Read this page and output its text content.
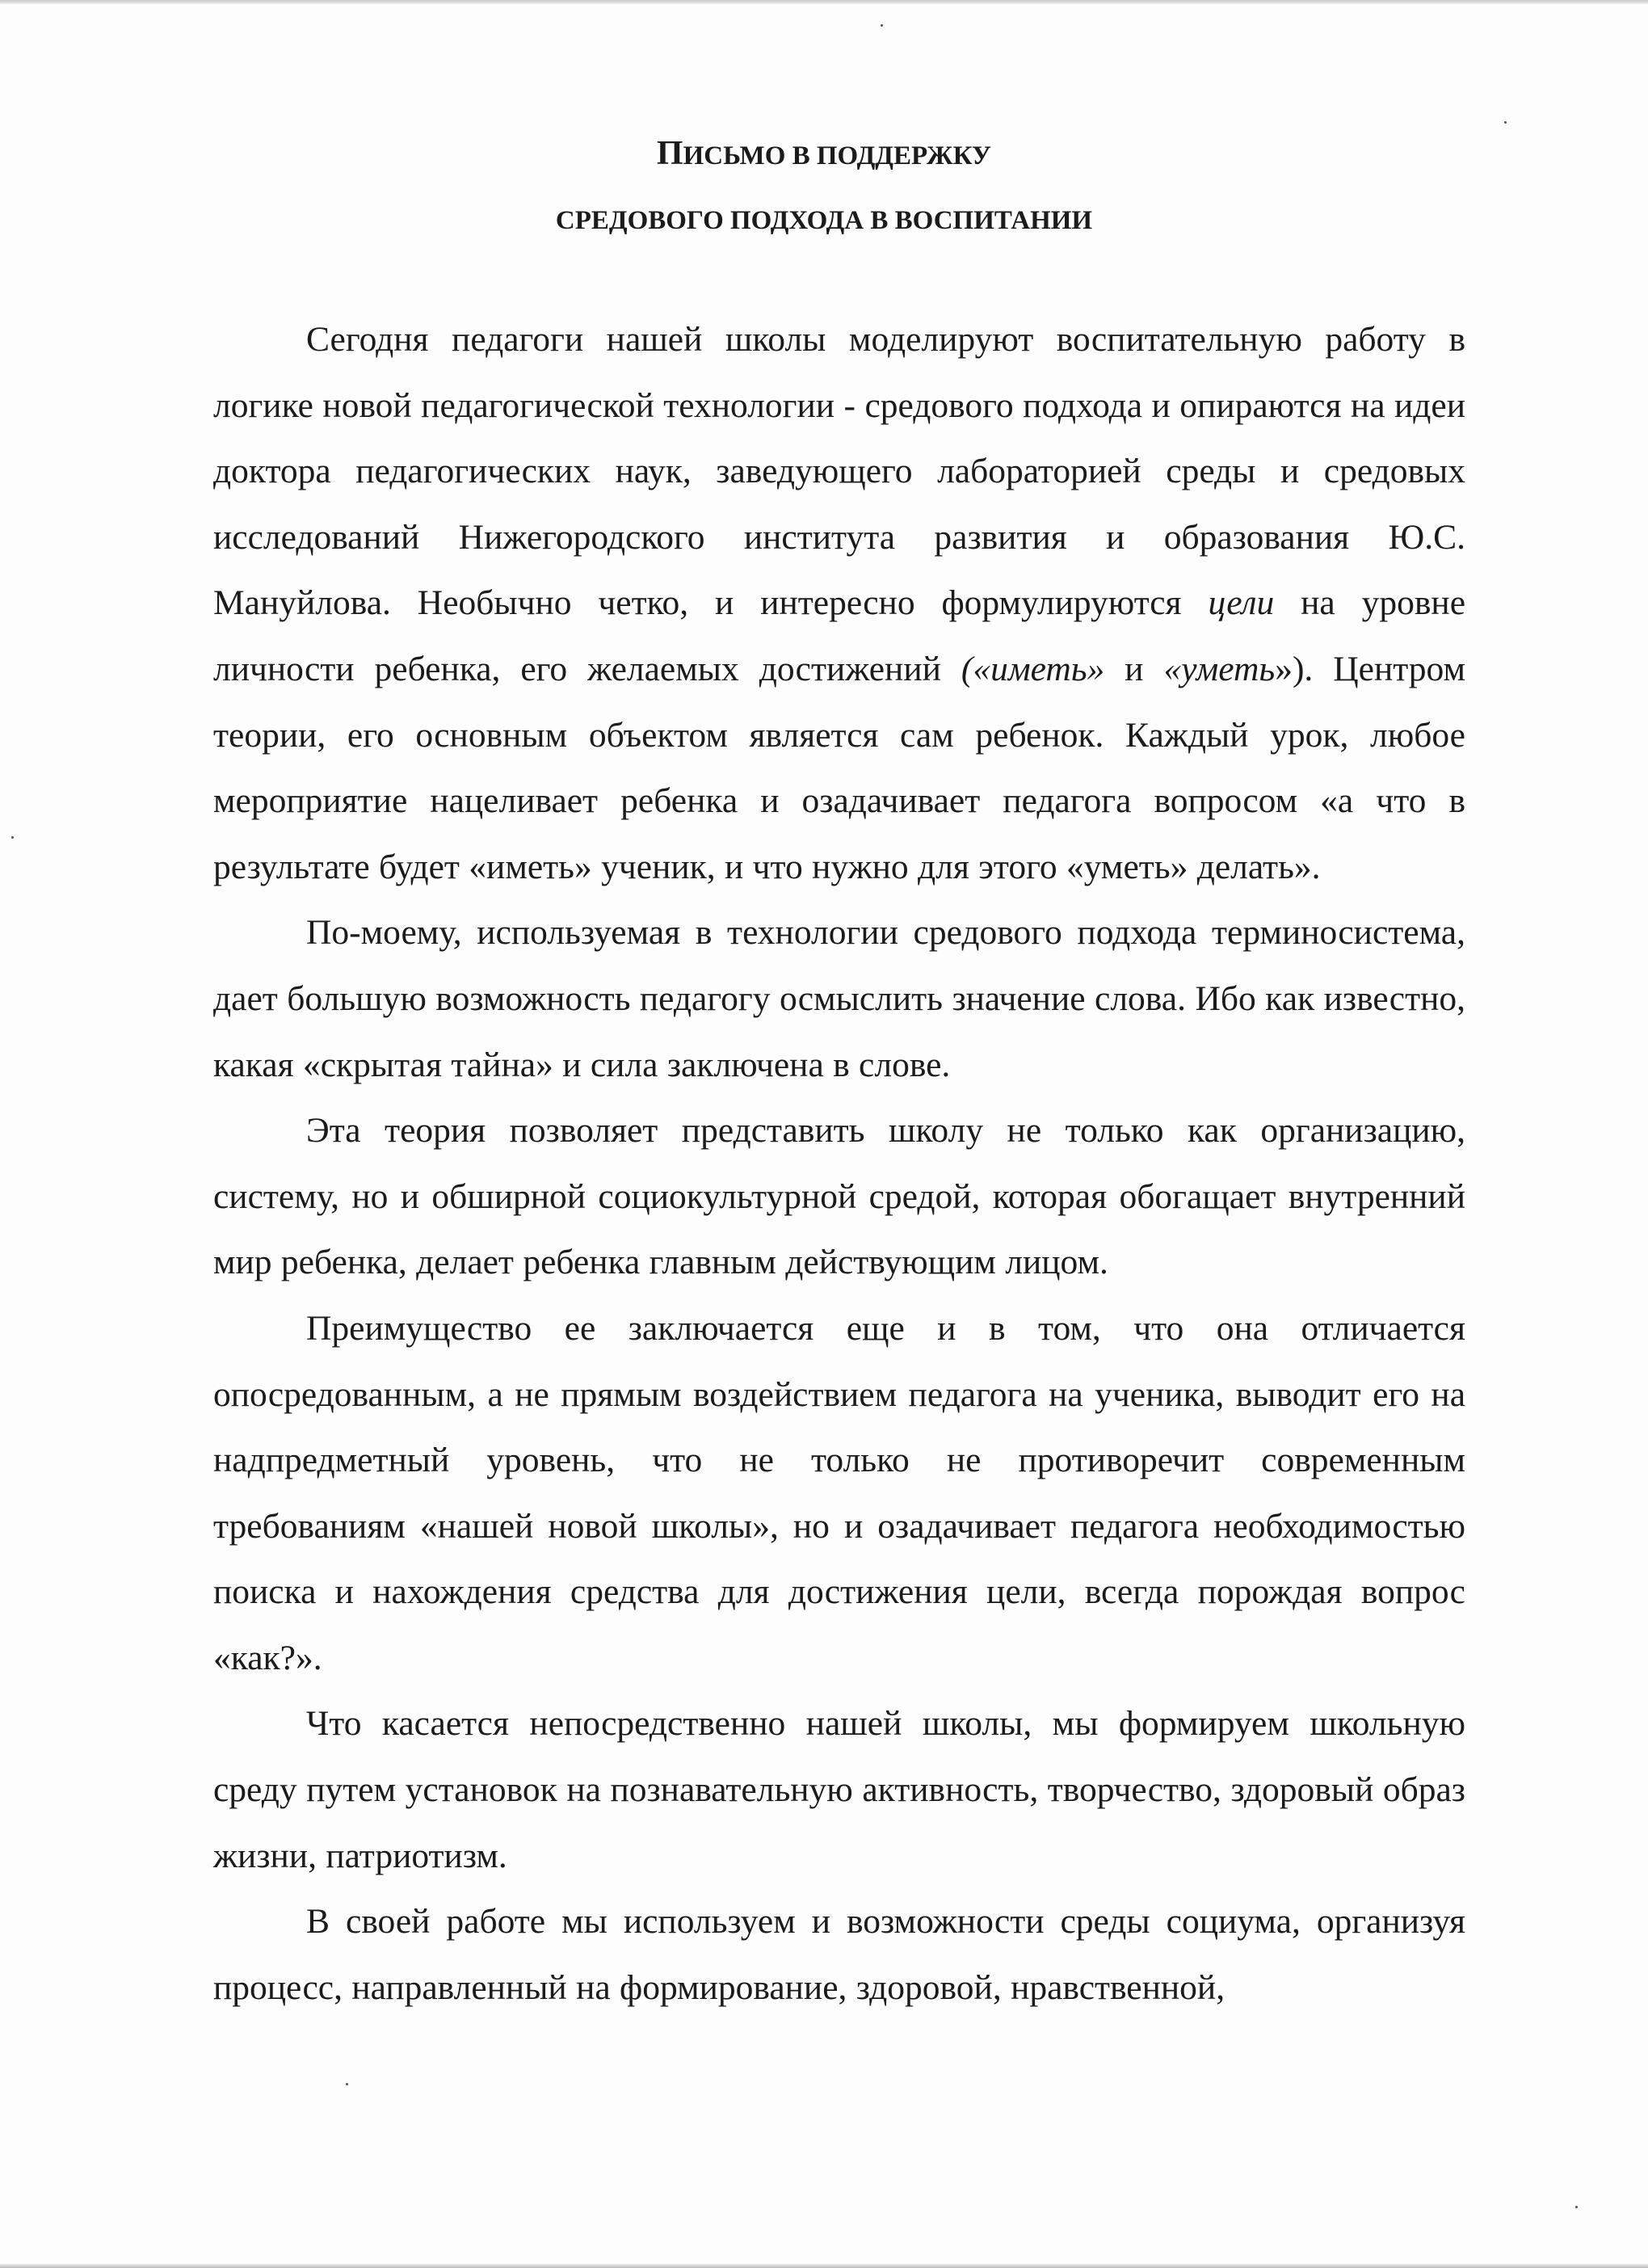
ПИСЬМО В ПОДДЕРЖКУ
СРЕДОВОГО ПОДХОДА В ВОСПИТАНИИ

Сегодня педагоги нашей школы моделируют воспитательную работу в логике новой педагогической технологии - средового подхода и опираются на идеи доктора педагогических наук, заведующего лабораторией среды и средовых исследований Нижегородского института развития и образования Ю.С. Мануйлова. Необычно четко, и интересно формулируются цели на уровне личности ребенка, его желаемых достижений («иметь» и «уметь»). Центром теории, его основным объектом является сам ребенок. Каждый урок, любое мероприятие нацеливает ребенка и озадачивает педагога вопросом «а что в результате будет «иметь» ученик, и что нужно для этого «уметь» делать».

По-моему, используемая в технологии средового подхода терминосистема, дает большую возможность педагогу осмыслить значение слова. Ибо как известно, какая «скрытая тайна» и сила заключена в слове.

Эта теория позволяет представить школу не только как организацию, систему, но и обширной социокультурной средой, которая обогащает внутренний мир ребенка, делает ребенка главным действующим лицом.

Преимущество ее заключается еще и в том, что она отличается опосредованным, а не прямым воздействием педагога на ученика, выводит его на надпредметный уровень, что не только не противоречит современным требованиям «нашей новой школы», но и озадачивает педагога необходимостью поиска и нахождения средства для достижения цели, всегда порождая вопрос «как?».

Что касается непосредственно нашей школы, мы формируем школьную среду путем установок на познавательную активность, творчество, здоровый образ жизни, патриотизм.

В своей работе мы используем и возможности среды социума, организуя процесс, направленный на формирование, здоровой, нравственной,
